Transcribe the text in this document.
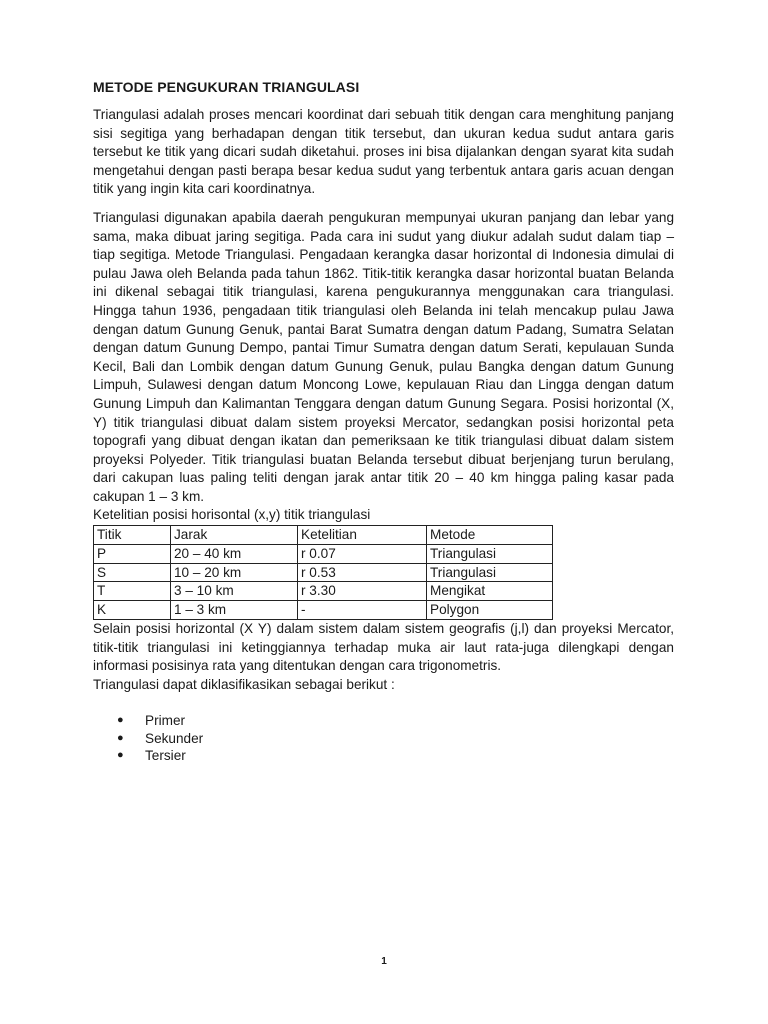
METODE PENGUKURAN TRIANGULASI

Triangulasi adalah proses mencari koordinat dari sebuah titik dengan cara menghitung panjang sisi segitiga yang berhadapan dengan titik tersebut, dan ukuran kedua sudut antara garis tersebut ke titik yang dicari sudah diketahui. proses ini bisa dijalankan dengan syarat kita sudah mengetahui dengan pasti berapa besar kedua sudut yang terbentuk antara garis acuan dengan titik yang ingin kita cari koordinatnya.

Triangulasi digunakan apabila daerah pengukuran mempunyai ukuran panjang dan lebar yang sama, maka dibuat jaring segitiga. Pada cara ini sudut yang diukur adalah sudut dalam tiap – tiap segitiga. Metode Triangulasi. Pengadaan kerangka dasar horizontal di Indonesia dimulai di pulau Jawa oleh Belanda pada tahun 1862. Titik-titik kerangka dasar horizontal buatan Belanda ini dikenal sebagai titik triangulasi, karena pengukurannya menggunakan cara triangulasi. Hingga tahun 1936, pengadaan titik triangulasi oleh Belanda ini telah mencakup pulau Jawa dengan datum Gunung Genuk, pantai Barat Sumatra dengan datum Padang, Sumatra Selatan dengan datum Gunung Dempo, pantai Timur Sumatra dengan datum Serati, kepulauan Sunda Kecil, Bali dan Lombik dengan datum Gunung Genuk, pulau Bangka dengan datum Gunung Limpuh, Sulawesi dengan datum Moncong Lowe, kepulauan Riau dan Lingga dengan datum Gunung Limpuh dan Kalimantan Tenggara dengan datum Gunung Segara. Posisi horizontal (X, Y) titik triangulasi dibuat dalam sistem proyeksi Mercator, sedangkan posisi horizontal peta topografi yang dibuat dengan ikatan dan pemeriksaan ke titik triangulasi dibuat dalam sistem proyeksi Polyeder. Titik triangulasi buatan Belanda tersebut dibuat berjenjang turun berulang, dari cakupan luas paling teliti dengan jarak antar titik 20 – 40 km hingga paling kasar pada cakupan 1 – 3 km.

Ketelitian posisi horisontal (x,y) titik triangulasi
Titik	Jarak	Ketelitian	Metode
P	20 – 40 km	r 0.07	Triangulasi
S	10 – 20 km	r 0.53	Triangulasi
T	3 – 10 km	r 3.30	Mengikat
K	1 – 3 km	-	Polygon

Selain posisi horizontal (X Y) dalam sistem dalam sistem geografis (j,l) dan proyeksi Mercator, titik-titik triangulasi ini ketinggiannya terhadap muka air laut rata-juga dilengkapi dengan informasi posisinya rata yang ditentukan dengan cara trigonometris.

Triangulasi dapat diklasifikasikan sebagai berikut :
● Primer
● Sekunder
● Tersier
1
